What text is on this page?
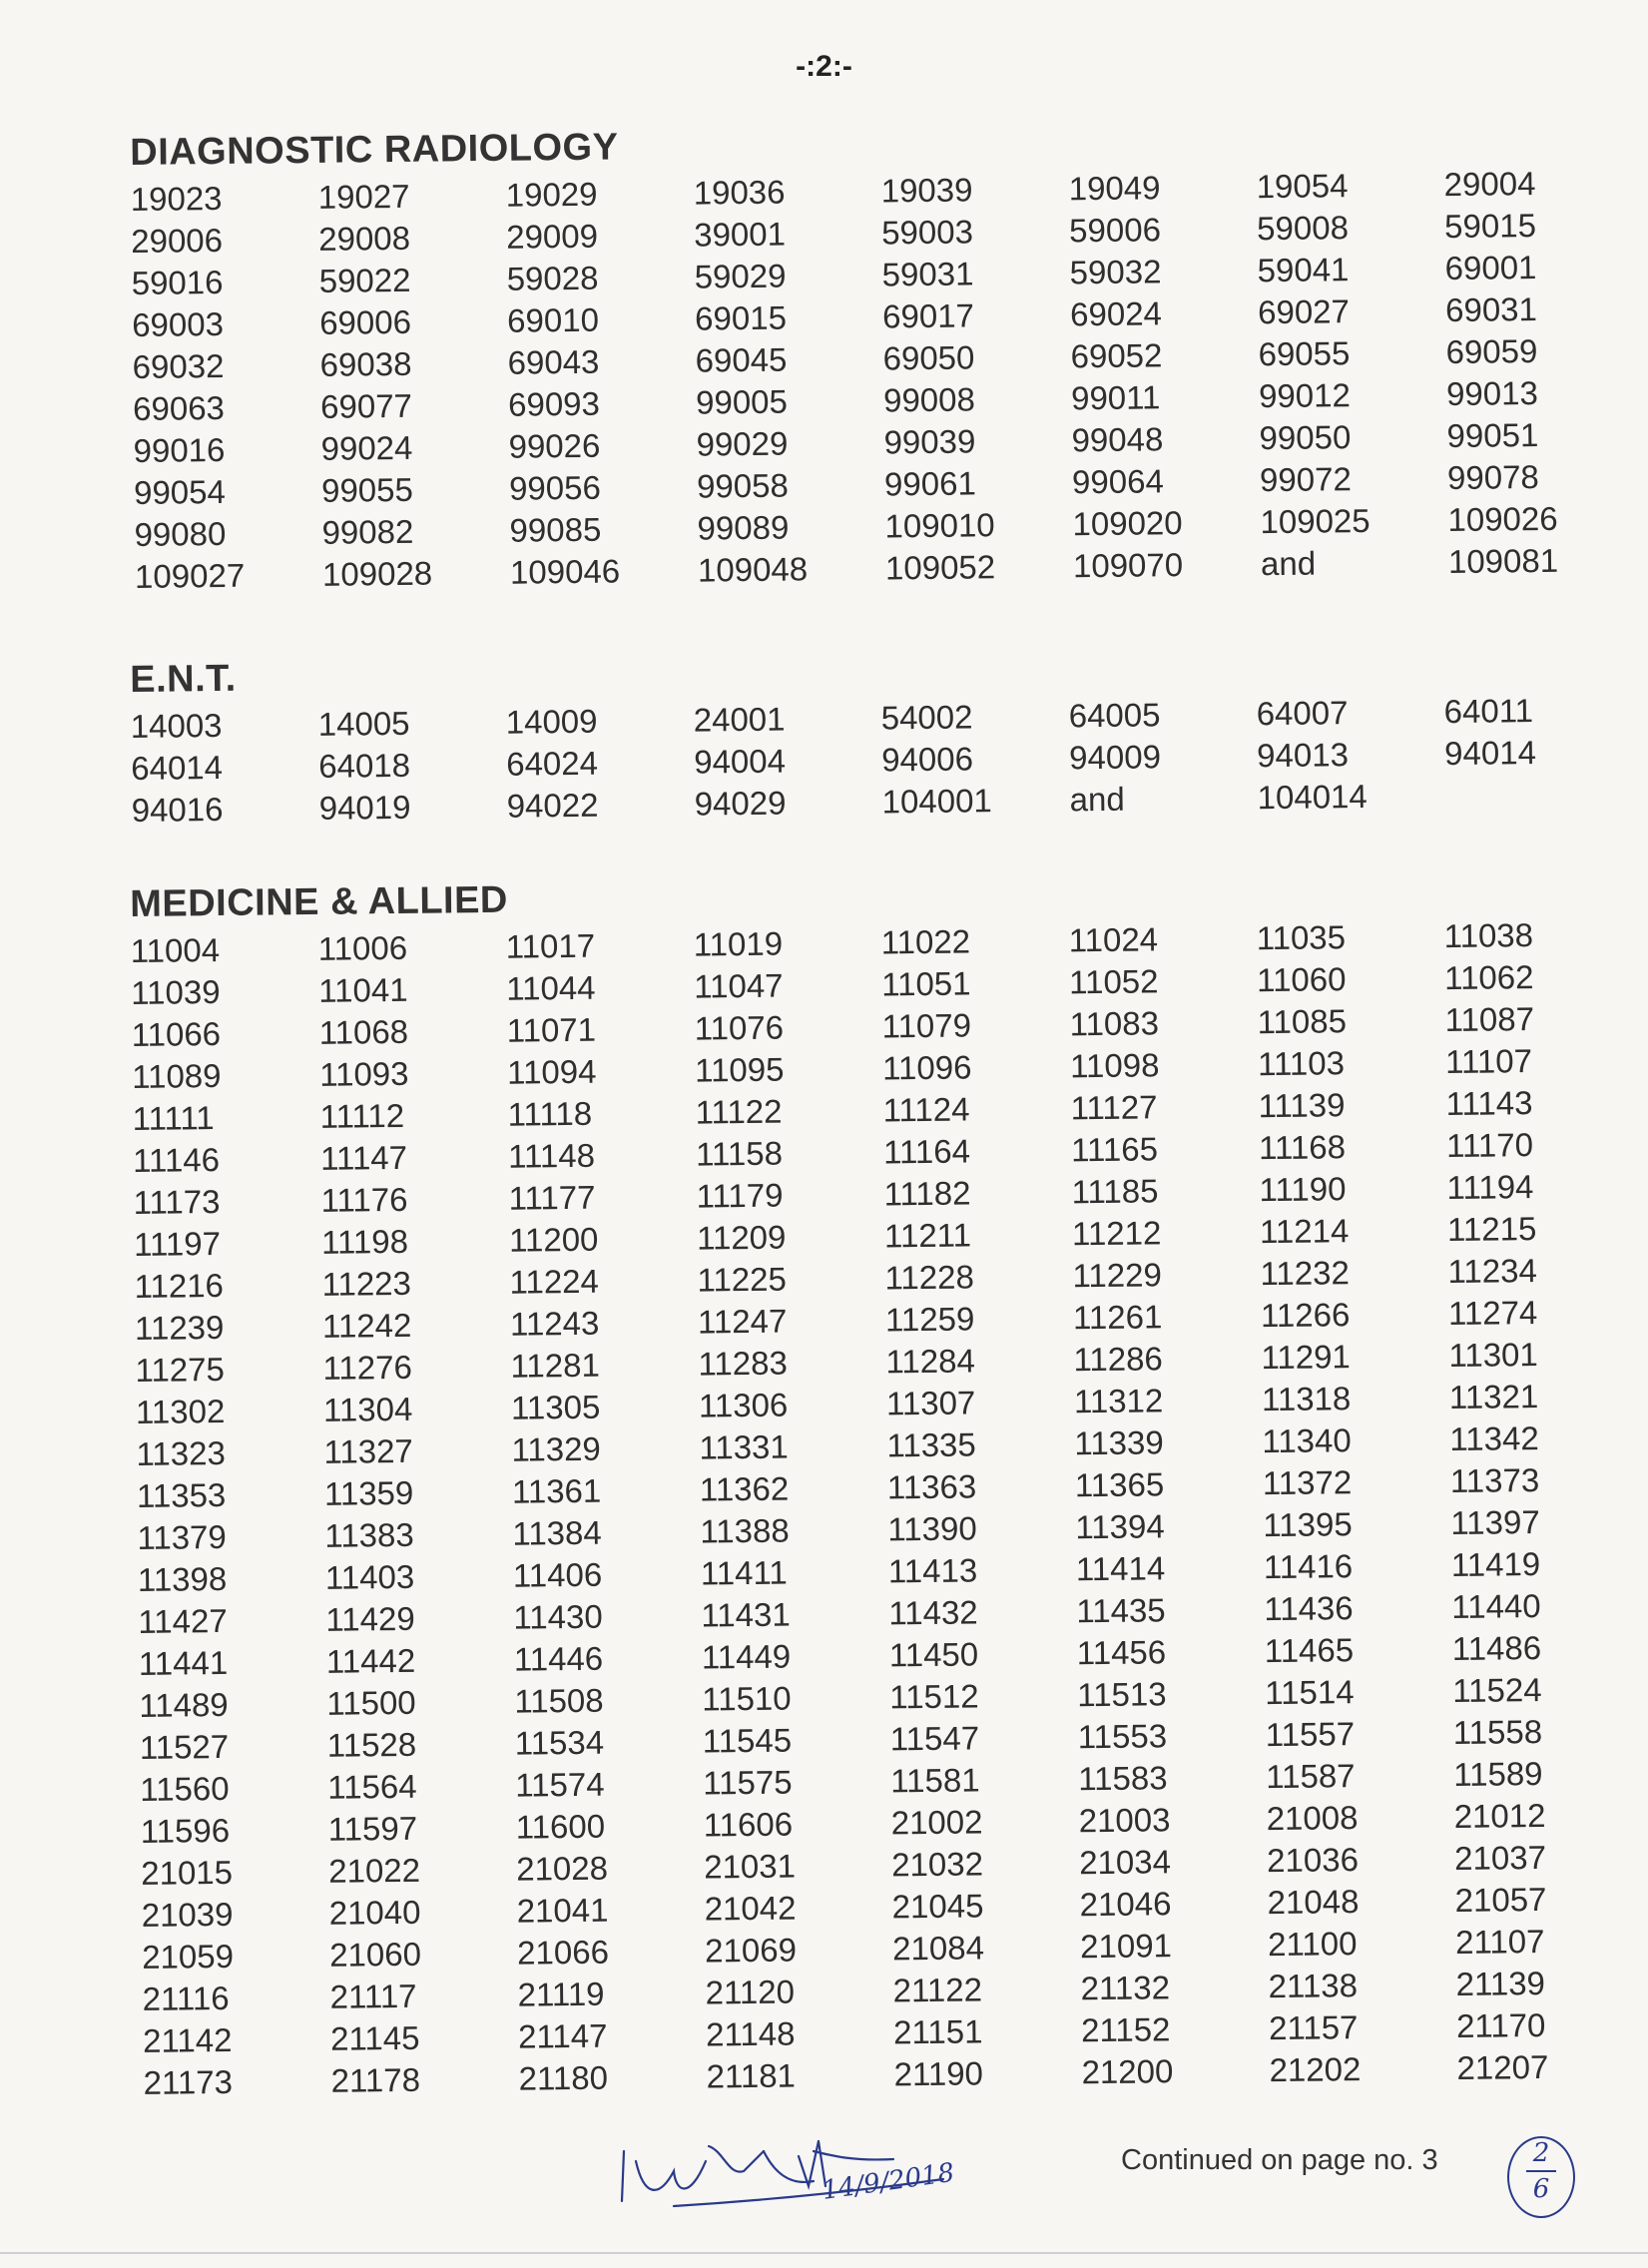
-:2:-
DIAGNOSTIC RADIOLOGY
19023	19027	19029	19036	19039	19049	19054	29004
29006	29008	29009	39001	59003	59006	59008	59015
59016	59022	59028	59029	59031	59032	59041	69001
69003	69006	69010	69015	69017	69024	69027	69031
69032	69038	69043	69045	69050	69052	69055	69059
69063	69077	69093	99005	99008	99011	99012	99013
99016	99024	99026	99029	99039	99048	99050	99051
99054	99055	99056	99058	99061	99064	99072	99078
99080	99082	99085	99089	109010	109020	109025	109026
109027	109028	109046	109048	109052	109070	and	109081
E.N.T.
14003	14005	14009	24001	54002	64005	64007	64011
64014	64018	64024	94004	94006	94009	94013	94014
94016	94019	94022	94029	104001	and	104014
MEDICINE & ALLIED
11004	11006	11017	11019	11022	11024	11035	11038
11039	11041	11044	11047	11051	11052	11060	11062
11066	11068	11071	11076	11079	11083	11085	11087
11089	11093	11094	11095	11096	11098	11103	11107
11111	11112	11118	11122	11124	11127	11139	11143
11146	11147	11148	11158	11164	11165	11168	11170
11173	11176	11177	11179	11182	11185	11190	11194
11197	11198	11200	11209	11211	11212	11214	11215
11216	11223	11224	11225	11228	11229	11232	11234
11239	11242	11243	11247	11259	11261	11266	11274
11275	11276	11281	11283	11284	11286	11291	11301
11302	11304	11305	11306	11307	11312	11318	11321
11323	11327	11329	11331	11335	11339	11340	11342
11353	11359	11361	11362	11363	11365	11372	11373
11379	11383	11384	11388	11390	11394	11395	11397
11398	11403	11406	11411	11413	11414	11416	11419
11427	11429	11430	11431	11432	11435	11436	11440
11441	11442	11446	11449	11450	11456	11465	11486
11489	11500	11508	11510	11512	11513	11514	11524
11527	11528	11534	11545	11547	11553	11557	11558
11560	11564	11574	11575	11581	11583	11587	11589
11596	11597	11600	11606	21002	21003	21008	21012
21015	21022	21028	21031	21032	21034	21036	21037
21039	21040	21041	21042	21045	21046	21048	21057
21059	21060	21066	21069	21084	21091	21100	21107
21116	21117	21119	21120	21122	21132	21138	21139
21142	21145	21147	21148	21151	21152	21157	21170
21173	21178	21180	21181	21190	21200	21202	21207
14/9/2018	Continued on page no. 3	2
6
